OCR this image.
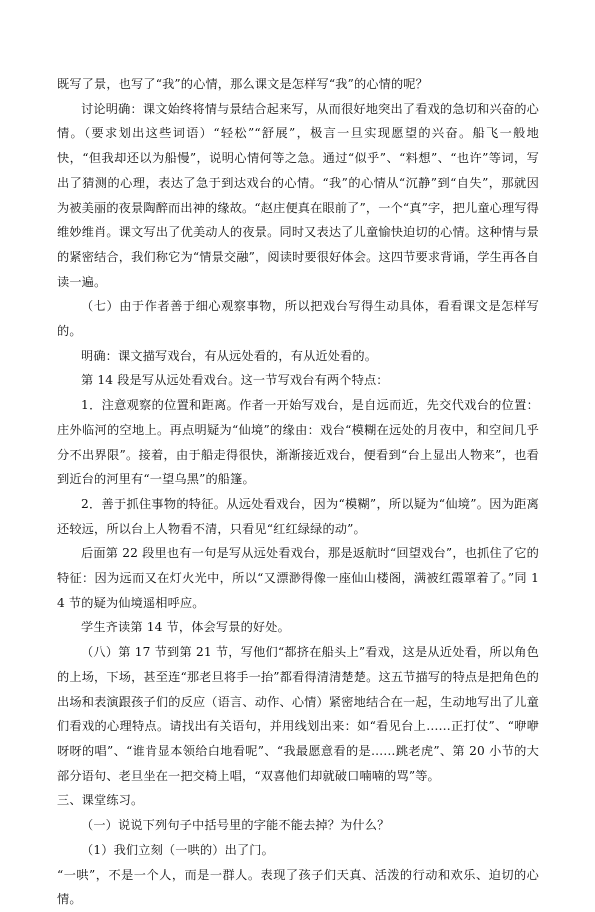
既写了景，也写了“我”的心情，那么课文是怎样写“我”的心情的呢？

讨论明确：课文始终将情与景结合起来写，从而很好地突出了看戏的急切和兴奋的心情。（要求划出这些词语）“轻松”“舒展”，极言一旦实现愿望的兴奋。船飞一般地快，“但我却还以为船慢”，说明心情何等之急。通过“似乎”、“料想”、“也许”等词，写出了猜测的心理，表达了急于到达戏台的心情。“我”的心情从“沉静”到“自失”，那就因为被美丽的夜景陶醉而出神的缘故。“赵庄便真在眼前了”，一个“真”字，把儿童心理写得维妙维肖。课文写出了优美动人的夜景。同时又表达了儿童愉快迫切的心情。这种情与景的紧密结合，我们称它为“情景交融”，阅读时要很好体会。这四节要求背诵，学生再各自读一遍。

（七）由于作者善于细心观察事物，所以把戏台写得生动具体，看看课文是怎样写的。

明确：课文描写戏台，有从远处看的，有从近处看的。

第 14 段是写从远处看戏台。这一节写戏台有两个特点：

1．注意观察的位置和距离。作者一开始写戏台，是自远而近，先交代戏台的位置：庄外临河的空地上。再点明疑为“仙境”的缘由：戏台“模糊在远处的月夜中，和空间几乎分不出界限”。接着，由于船走得很快，渐渐接近戏台，便看到“台上显出人物来”，也看到近台的河里有“一望乌黑”的船篷。

2．善于抓住事物的特征。从远处看戏台，因为“模糊”，所以疑为“仙境”。因为距离还较远，所以台上人物看不清，只看见“红红绿绿的动”。

后面第 22 段里也有一句是写从远处看戏台，那是返航时“回望戏台”，也抓住了它的特征：因为远而又在灯火光中，所以“又漂渺得像一座仙山楼阁，满被红霞罩着了。”同 14 节的疑为仙境遥相呼应。

学生齐读第 14 节，体会写景的好处。

（八）第 17 节到第 21 节，写他们“都挤在船头上”看戏，这是从近处看，所以角色的上场，下场，甚至连“那老旦将手一抬”都看得清清楚楚。这五节描写的特点是把角色的出场和表演跟孩子们的反应（语言、动作、心情）紧密地结合在一起，生动地写出了儿童们看戏的心理特点。请找出有关语句，并用线划出来：如“看见台上……正打仗”、“咿咿呀呀的唱”、“谁肯显本领给白地看呢”、“我最愿意看的是……跳老虎”、第 20 小节的大部分语句、老旦坐在一把交椅上唱，“双喜他们却就破口喃喃的骂”等。

三、课堂练习。

（一）说说下列句子中括号里的字能不能去掉？为什么？

（1）我们立刻（一哄的）出了门。

“一哄”，不是一个人，而是一群人。表现了孩子们天真、活泼的行动和欢乐、迫切的心情。
